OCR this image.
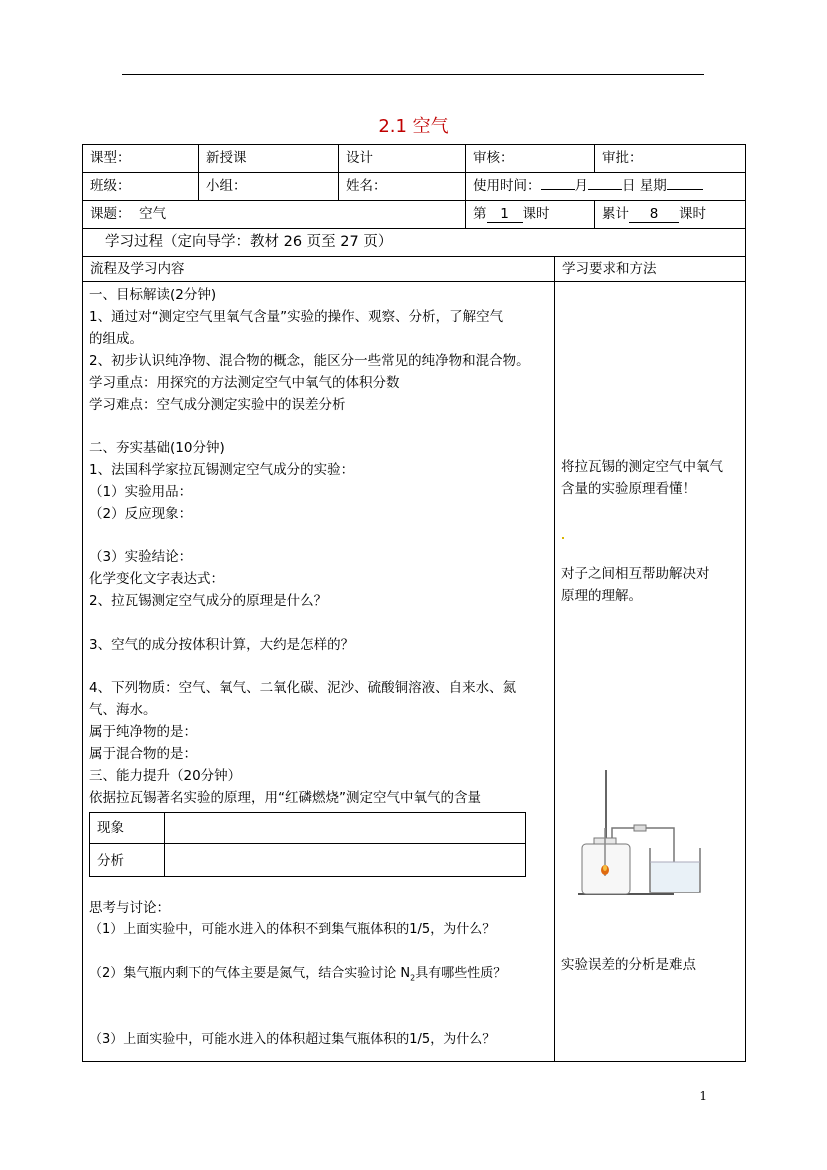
2.1 空气
课型：	新授课	设计	审核：	审批：
班级：	小组：	姓名：	使用时间：	月	日 星期
课题： 空气	第 1 课时	累计 8 课时
学习过程（定向导学：教材 26 页至 27 页）
流程及学习内容	学习要求和方法
一、目标解读(2分钟)
1、通过对“测定空气里氧气含量”实验的操作、观察、分析，了解空气
的组成。
2、初步认识纯净物、混合物的概念，能区分一些常见的纯净物和混合物。
学习重点：用探究的方法测定空气中氧气的体积分数
学习难点：空气成分测定实验中的误差分析
二、夯实基础(10分钟)
1、法国科学家拉瓦锡测定空气成分的实验：
（1）实验用品：
（2）反应现象：
（3）实验结论：
化学变化文字表达式：
2、拉瓦锡测定空气成分的原理是什么？
3、空气的成分按体积计算，大约是怎样的？
4、下列物质：空气、氧气、二氧化碳、泥沙、硫酸铜溶液、自来水、氮
气、海水。
属于纯净物的是：
属于混合物的是：
三、能力提升（20分钟）
依据拉瓦锡著名实验的原理，用“红磷燃烧”测定空气中氧气的含量
现象
分析
思考与讨论：
（1）上面实验中，可能水进入的体积不到集气瓶体积的1/5，为什么？
（2）集气瓶内剩下的气体主要是氮气，结合实验讨论 $N_2$具有哪些性质？
（3）上面实验中，可能水进入的体积超过集气瓶体积的1/5，为什么？
将拉瓦锡的测定空气中氧气
含量的实验原理看懂！
对子之间相互帮助解决对
原理的理解。
实验误差的分析是难点
1
